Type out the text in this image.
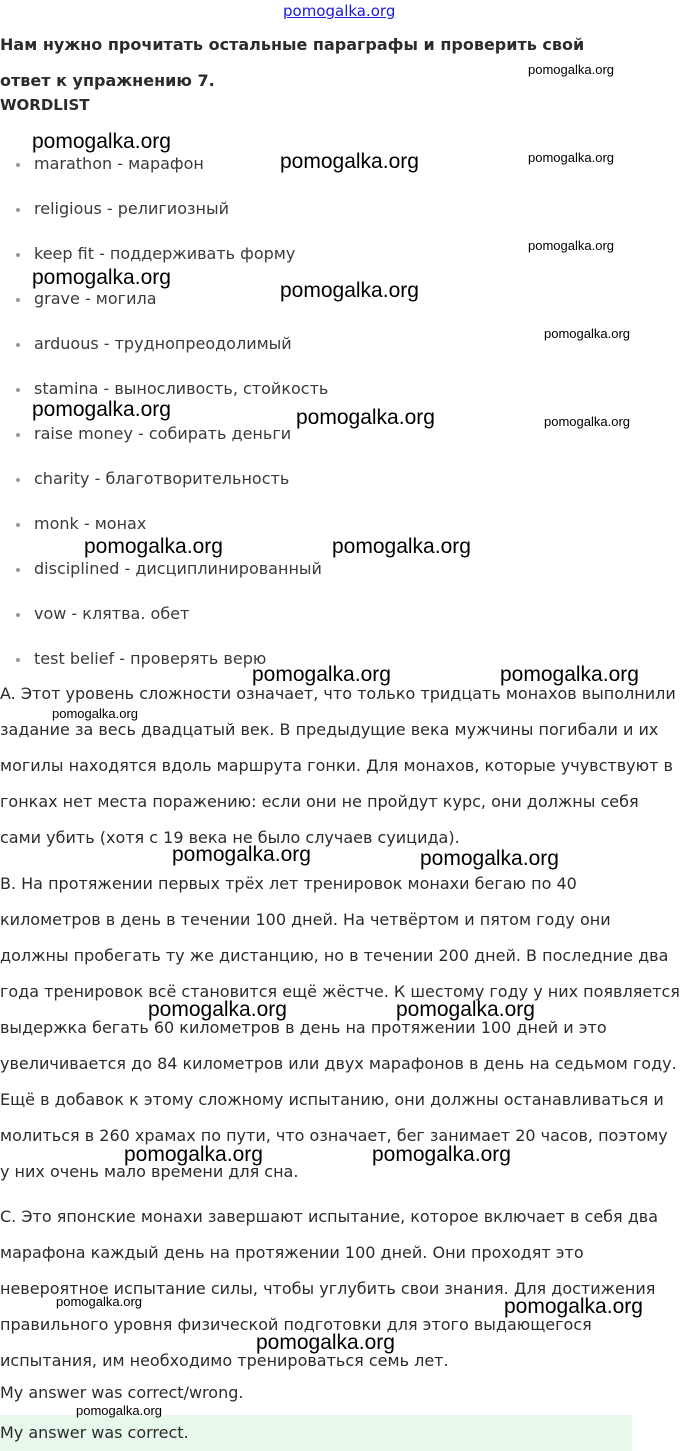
pomogalka.org

Нам нужно прочитать остальные параграфы и проверить свой ответ к упражнению 7.

WORDLIST
marathon - марафон
religious - религиозный
keep fit - поддерживать форму
grave - могила
arduous - труднопреодолимый
stamina - выносливость, стойкость
raise money - собирать деньги
charity - благотворительность
monk - монах
disciplined - дисциплинированный
vow - клятва. обет
test belief - проверять верю

A. Этот уровень сложности означает, что только тридцать монахов выполнили задание за весь двадцатый век. В предыдущие века мужчины погибали и их могилы находятся вдоль маршрута гонки. Для монахов, которые учувствуют в гонках нет места поражению: если они не пройдут курс, они должны себя сами убить (хотя с 19 века не было случаев суицида).

B. На протяжении первых трёх лет тренировок монахи бегаю по 40 километров в день в течении 100 дней. На четвёртом и пятом году они должны пробегать ту же дистанцию, но в течении 200 дней. В последние два года тренировок всё становится ещё жёстче. К шестому году у них появляется выдержка бегать 60 километров в день на протяжении 100 дней и это увеличивается до 84 километров или двух марафонов в день на седьмом году. Ещё в добавок к этому сложному испытанию, они должны останавливаться и молиться в 260 храмах по пути, что означает, бег занимает 20 часов, поэтому у них очень мало времени для сна.

C. Это японские монахи завершают испытание, которое включает в себя два марафона каждый день на протяжении 100 дней. Они проходят это невероятное испытание силы, чтобы углубить свои знания. Для достижения правильного уровня физической подготовки для этого выдающегося испытания, им необходимо тренироваться семь лет.

My answer was correct/wrong.
My answer was correct.
pomogalka.org
pomogalka.org
pomogalka.org
pomogalka.org
pomogalka.org
pomogalka.org
pomogalka.org
pomogalka.org
pomogalka.org	pomogalka.org	pomogalka.org
pomogalka.org	pomogalka.org
pomogalka.org	pomogalka.org
pomogalka.org
pomogalka.org	pomogalka.org
pomogalka.org	pomogalka.org
pomogalka.org	pomogalka.org
pomogalka.org	pomogalka.org
pomogalka.org
pomogalka.org
